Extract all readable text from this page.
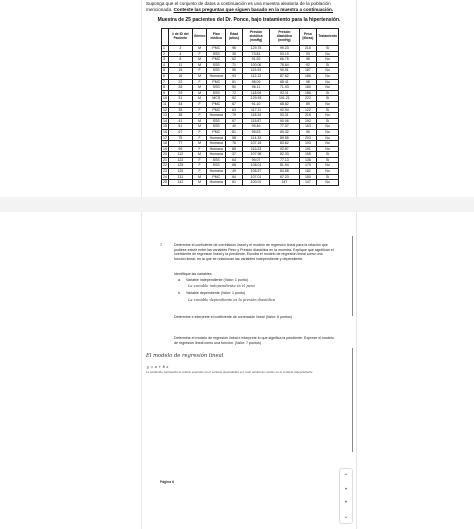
Suponga que el conjunto de datos a continuación es una muestra aleatoria de la población mencionada. Conteste las preguntas que siguen basado en la muestra a continuación.
Muestra de 25 pacientes del Dr. Ponce, bajo tratamiento para la hipertensión.
	# de ID del Paciente	Género	Plan médico	Edad (años)	Presión sistólica (mmHg)	Presión diastólica (mmHg)	Peso (libras)	Tratamiento
1	2	M	PMC	96	129.75	99.23	216	Sí
2	4	F	SSS	35	73.81	53.19	93	No
3	8	M	PMC	62	91.92	66.75	96	No
4	11	M	SSS	71	100.06	78.64	92	Sí
5	15	F	SSS	55	115.93	90.91	187	No
6	16	M	Humana	93	112.12	87.62	186	No
7	22	F	PMC	61	98.09	68.41	98	No
8	26	M	SSS	50	96.11	71.93	180	No
9	29	M	SSS	72	118.09	92.11	186	Sí
10	31	M	MCS	52	129.93	101.21	222	Sí
11	34	F	PMC	67	91.10	68.82	89	No
12	35	F	PMC	63	117.11	92.94	122	Sí
13	38	F	Humana	79	118.34	93.31	216	No
14	41	M	SSS	67	115.87	90.06	192	Sí
15	51	M	SSS	40	99.46	77.07	163	No
16	67	F	PMC	81	95.63	69.32	96	No
17	75	F	Humana	58	114.32	89.55	203	No
18	77	M	Humana	76	107.16	83.62	193	No
19	99	F	Humana	85	119.23	92.87	191	No
20	112	M	Humana	37	107.98	82.33	155	Sí
21	122	F	SSS	64	99.07	77.13	136	Sí
22	125	F	SSS	68	108.01	81.94	179	No
23	126	F	Humana	49	106.67	84.58	182	No
24	131	M	PMC	64	107.01	67.23	180	Sí
25	142	M	Humana	61	100.01	147	147	No
7.	Determine el coeficiente de correlación lineal y el modelo de regresión lineal para la relación que pudiese existir entre las variables Peso y Presión diastólica en la muestra. Explique qué significan el coeficiente de regresión lineal y la pendiente. Escriba el modelo de regresión lineal como una función lineal, en la que se relacionan las variables independiente y dependiente.
Identifique las variables.
a. Variable independiente (Valor: 1 punto)
La variable independiente es el peso
b. Variable dependiente (Valor: 1 punto)
La variable dependiente es la presión diastólica
Determine e interprete el coeficiente de correlación lineal (Valor: 6 puntos)
Determine el modelo de regresión lineal e interprete lo que significa la pendiente. Exprese el modelo de regresión lineal como una función. (Valor: 7 puntos)
El modelo de regresión lineal
y = a + b x
La pendiente representa el cambio esperado en la variable dependiente por cada unidad de cambio en la variable independiente
Página 6
⌃
•
•
⌄
